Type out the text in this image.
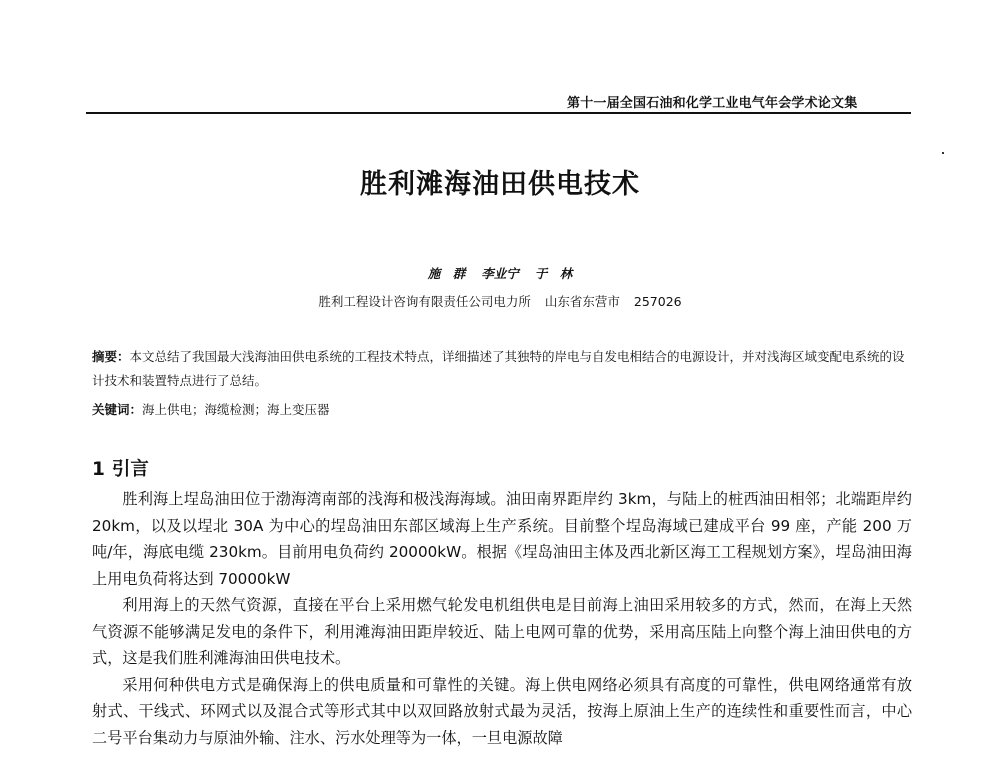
第十一届全国石油和化学工业电气年会学术论文集
胜利滩海油田供电技术
施　群 李业宁 于　林
胜利工程设计咨询有限责任公司电力所 山东省东营市 257026
摘要：本文总结了我国最大浅海油田供电系统的工程技术特点，详细描述了其独特的岸电与自发电相结合的电源设计，并对浅海区域变配电系统的设计技术和装置特点进行了总结。
关键词：海上供电；海缆检测；海上变压器
1 引言

胜利海上埕岛油田位于渤海湾南部的浅海和极浅海海域。油田南界距岸约 3km，与陆上的桩西油田相邻；北端距岸约 20km，以及以埕北 30A 为中心的埕岛油田东部区域海上生产系统。目前整个埕岛海域已建成平台 99 座，产能 200 万吨/年，海底电缆 230km。目前用电负荷约 20000kW。根据《埕岛油田主体及西北新区海工工程规划方案》，埕岛油田海上用电负荷将达到 70000kW

利用海上的天然气资源，直接在平台上采用燃气轮发电机组供电是目前海上油田采用较多的方式，然而，在海上天然气资源不能够满足发电的条件下，利用滩海油田距岸较近、陆上电网可靠的优势，采用高压陆上向整个海上油田供电的方式，这是我们胜利滩海油田供电技术。

采用何种供电方式是确保海上的供电质量和可靠性的关键。海上供电网络必须具有高度的可靠性，供电网络通常有放射式、干线式、环网式以及混合式等形式其中以双回路放射式最为灵活，按海上原油上生产的连续性和重要性而言，中心二号平台集动力与原油外输、注水、污水处理等为一体，一旦电源故障
